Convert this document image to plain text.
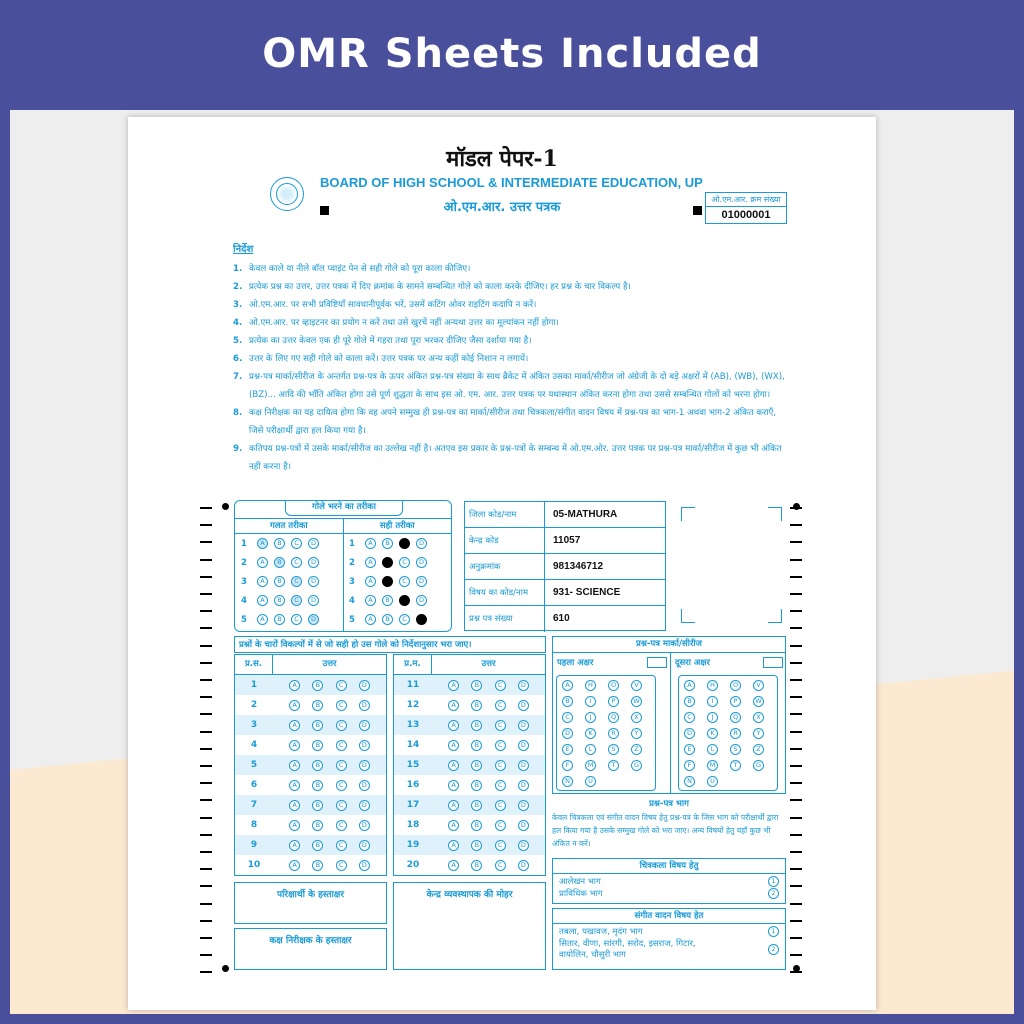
OMR Sheets Included
मॉडल पेपर-1
BOARD OF HIGH SCHOOL & INTERMEDIATE EDUCATION, UP
ओ.एम.आर. उत्तर पत्रक
ओ.एम.आर. क्रम संख्या
01000001
निर्देश
1. केवल काले या नीले बॉल प्वाइंट पेन से सही गोले को पूरा काला कीजिए।
2. प्रत्येक प्रश्न का उत्तर, उत्तर पत्रक में दिए क्रमांक के सामने सम्बन्धित गोले को काला करके दीजिए। हर प्रश्न के चार विकल्प है।
3. ओ.एम.आर. पर सभी प्रविष्टियाँ सावधानीपूर्वक भरें, उसमें कटिंग ओवर राइटिंग कदापि न करें।
4. ओ.एम.आर. पर व्हाइटनर का प्रयोग न करें तथा उसे खुरचें नहीं अन्यथा उत्तर का मूल्यांकन नहीं होगा।
5. प्रत्येक का उत्तर केवल एक ही पूरे गोले में गहरा तथा पूरा भरकर दीजिए जैसा दर्शाया गया है।
6. उत्तर के लिए गए सही गोले को काला करें। उत्तर पत्रक पर अन्य कहीं कोई निशान न लगायें।
7. प्रश्न-पत्र मार्का/सीरीज के अन्तर्गत प्रश्न-पत्र के ऊपर अंकित प्रश्न-पत्र संख्या के साथ ब्रैकेट में अंकित उसका मार्का/सीरीज जो अंग्रेजी के दो बड़े अक्षरों में (AB), (WB), (WX), (BZ)... आदि की भाँति अंकित होगा उसे पूर्ण शुद्धता के साथ इस ओ. एम. आर. उत्तर पत्रक पर यथास्थान अंकित करना होगा तथा उससे सम्बन्धित गोलों को भरना होगा।
8. कक्ष निरीक्षक का यह दायित्व होगा कि वह अपने सम्मुख ही प्रश्न-पत्र का मार्का/सीरीज तथा चित्रकला/संगीत वादन विषय में प्रश्न-पत्र का भाग-1 अथवा भाग-2 अंकित कराएँ, जिसे परीक्षार्थी द्वारा हल किया गया है।
9. कतिपय प्रश्न-पत्रों में उसके मार्का/सीरीज का उल्लेख नहीं है। अतएव इस प्रकार के प्रश्न-पत्रों के सम्बन्ध में ओ.एम.ओर. उत्तर पत्रक पर प्रश्न-पत्र मार्का/सीरीज में कुछ भी अंकित नहीं करना है।
गोले भरने का तरीका
गलत तरीका	सही तरीका
1	A	B	C	D	1	A	B	D
2	A	B	C	D	2	A	C	D
3	A	B	C	D	3	A	C	D
4	A	B	C	D	4	A	B	D
5	A	B	C	D	5	A	B	C
जिला कोड/नाम	05-MATHURA
केन्द्र कोड	11057
अनुक्रमांक	981346712
विषय का कोड/नाम	931- SCIENCE
प्रश्न पत्र संख्या	610
प्रश्नों के चारों विकल्पों में से जो सही हो उस गोले को निर्देशानुसार भरा जाए।
प्र.स.	उत्तर
1	A	B	C	D
2	A	B	C	D
3	A	B	C	D
4	A	B	C	D
5	A	B	C	D
6	A	B	C	D
7	A	B	C	D
8	A	B	C	D
9	A	B	C	D
10	A	B	C	D
प्र.म.	उत्तर
11	A	B	C	D
12	A	B	C	D
13	A	B	C	D
14	A	B	C	D
15	A	B	C	D
16	A	B	C	D
17	A	B	C	D
18	A	B	C	D
19	A	B	C	D
20	A	B	C	D
प्रश्न-पत्र मार्का/सीरीज
पहला अक्षर	दूसरा अक्षर
A	H	O	V
B	I	P	W
C	J	Q	X
D	K	R	Y
E	L	S	Z
F	M	T	G
N	U
A	H	O	V
B	I	P	W
C	J	Q	X
D	K	R	Y
E	L	S	Z
F	M	T	G
N	U
प्रश्न-पत्र भाग
केवल चित्रकला एवं संगीत वादन विषय हेतु प्रश्न-पत्र के जिस भाग को परीक्षार्थी द्वारा हल किया गया है उसके सम्मुख गोले को भरा जाए। अन्य विषयों हेतु यहाँ कुछ भी अंकित न करें।
चित्रकला विषय हेतु
आलेखन भाग	1
प्राविधिक भाग	2
संगीत वादन विषय हेत
तबला, पखावज, मृदंग भाग	1
सितार, वीणा, सांरगी, सरोद, इसराज, गिटार,
वायोलिन, चौसुरी भाग
2
परिक्षार्थी के हस्ताक्षर	केन्द्र व्यवस्थापक की मोहर
कक्ष निरीक्षक के हस्ताक्षर
